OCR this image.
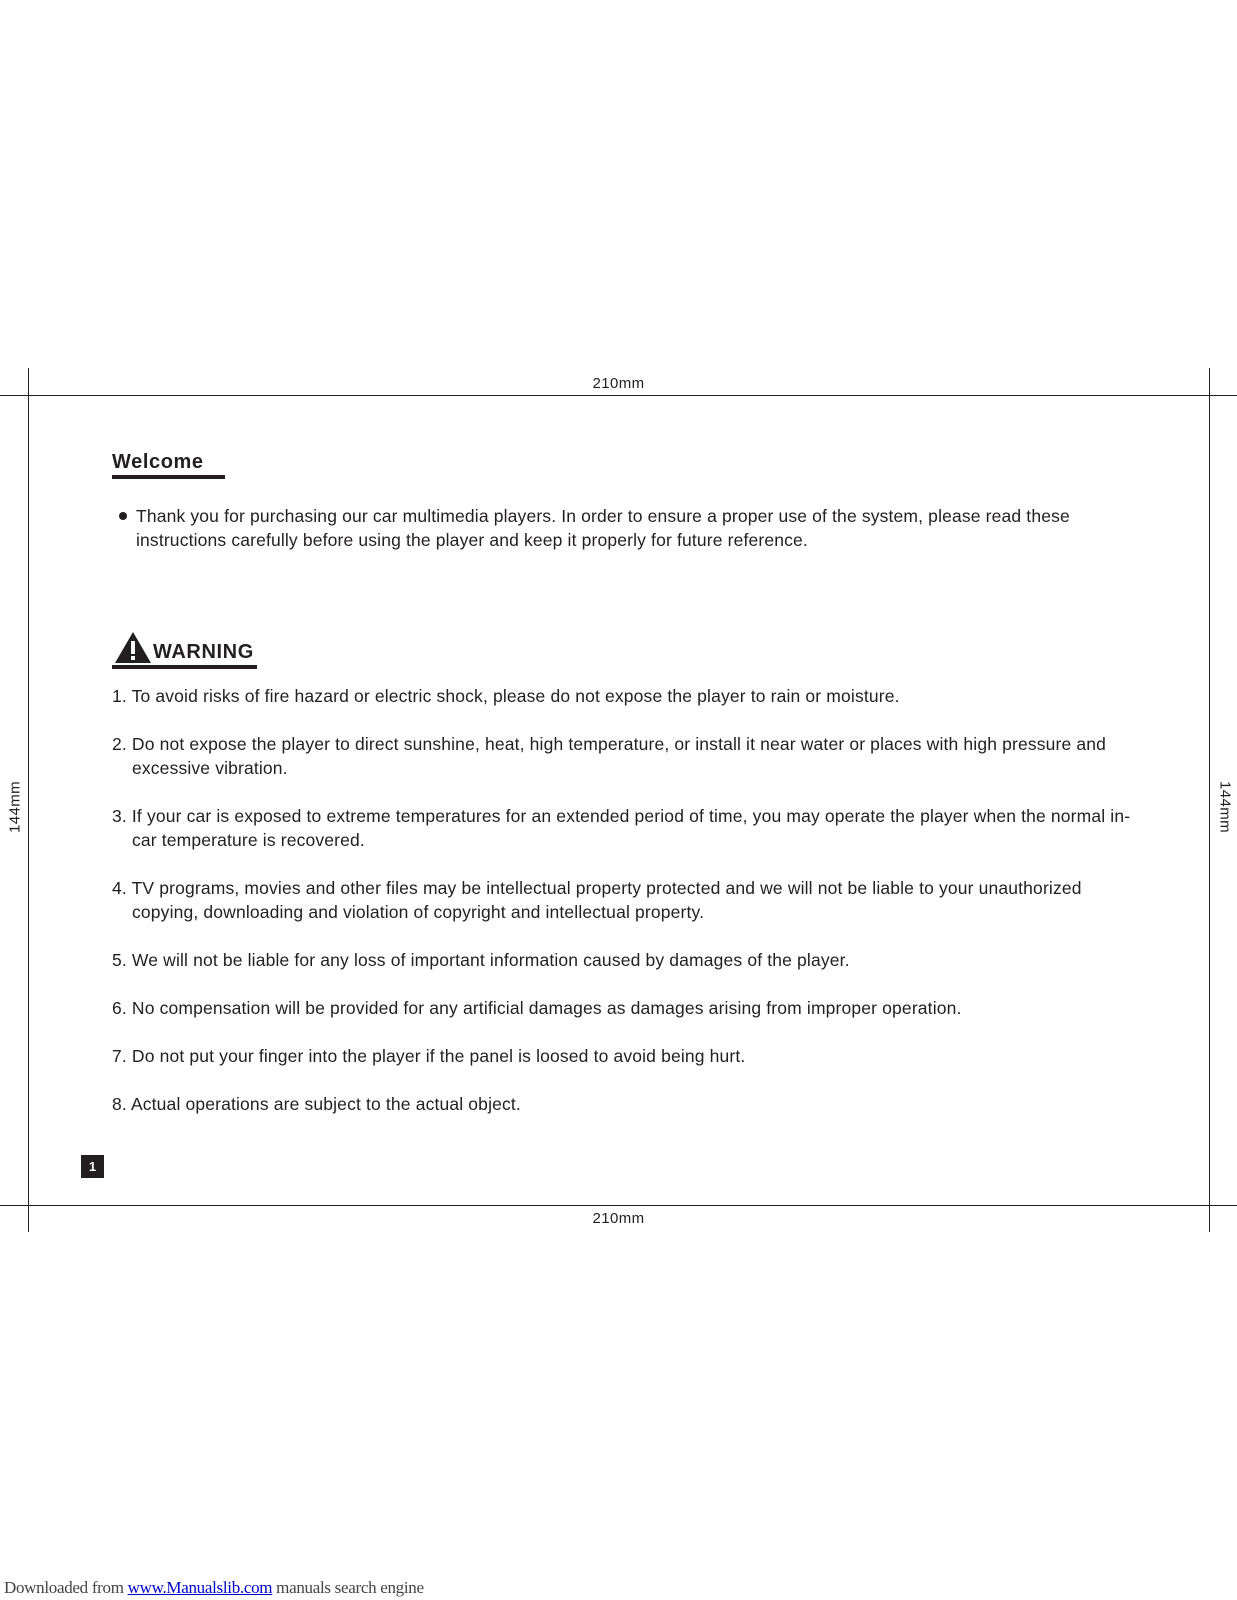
210mm
210mm
144mm	144mm
Welcome
Thank you for purchasing our car multimedia players. In order to ensure a proper use of the system, please read these instructions carefully before using the player and keep it properly for future reference.
WARNING
1. To avoid risks of fire hazard or electric shock, please do not expose the player to rain or moisture.
2. Do not expose the player to direct sunshine, heat, high temperature, or install it near water or places with high pressure and excessive vibration.
3. If your car is exposed to extreme temperatures for an extended period of time, you may operate the player when the normal in-car temperature is recovered.
4. TV programs, movies and other files may be intellectual property protected and we will not be liable to your unauthorized copying, downloading and violation of copyright and intellectual property.
5. We will not be liable for any loss of important information caused by damages of the player.
6. No compensation will be provided for any artificial damages as damages arising from improper operation.
7. Do not put your finger into the player if the panel is loosed to avoid being hurt.
8. Actual operations are subject to the actual object.
1
Downloaded from www.Manualslib.com manuals search engine
